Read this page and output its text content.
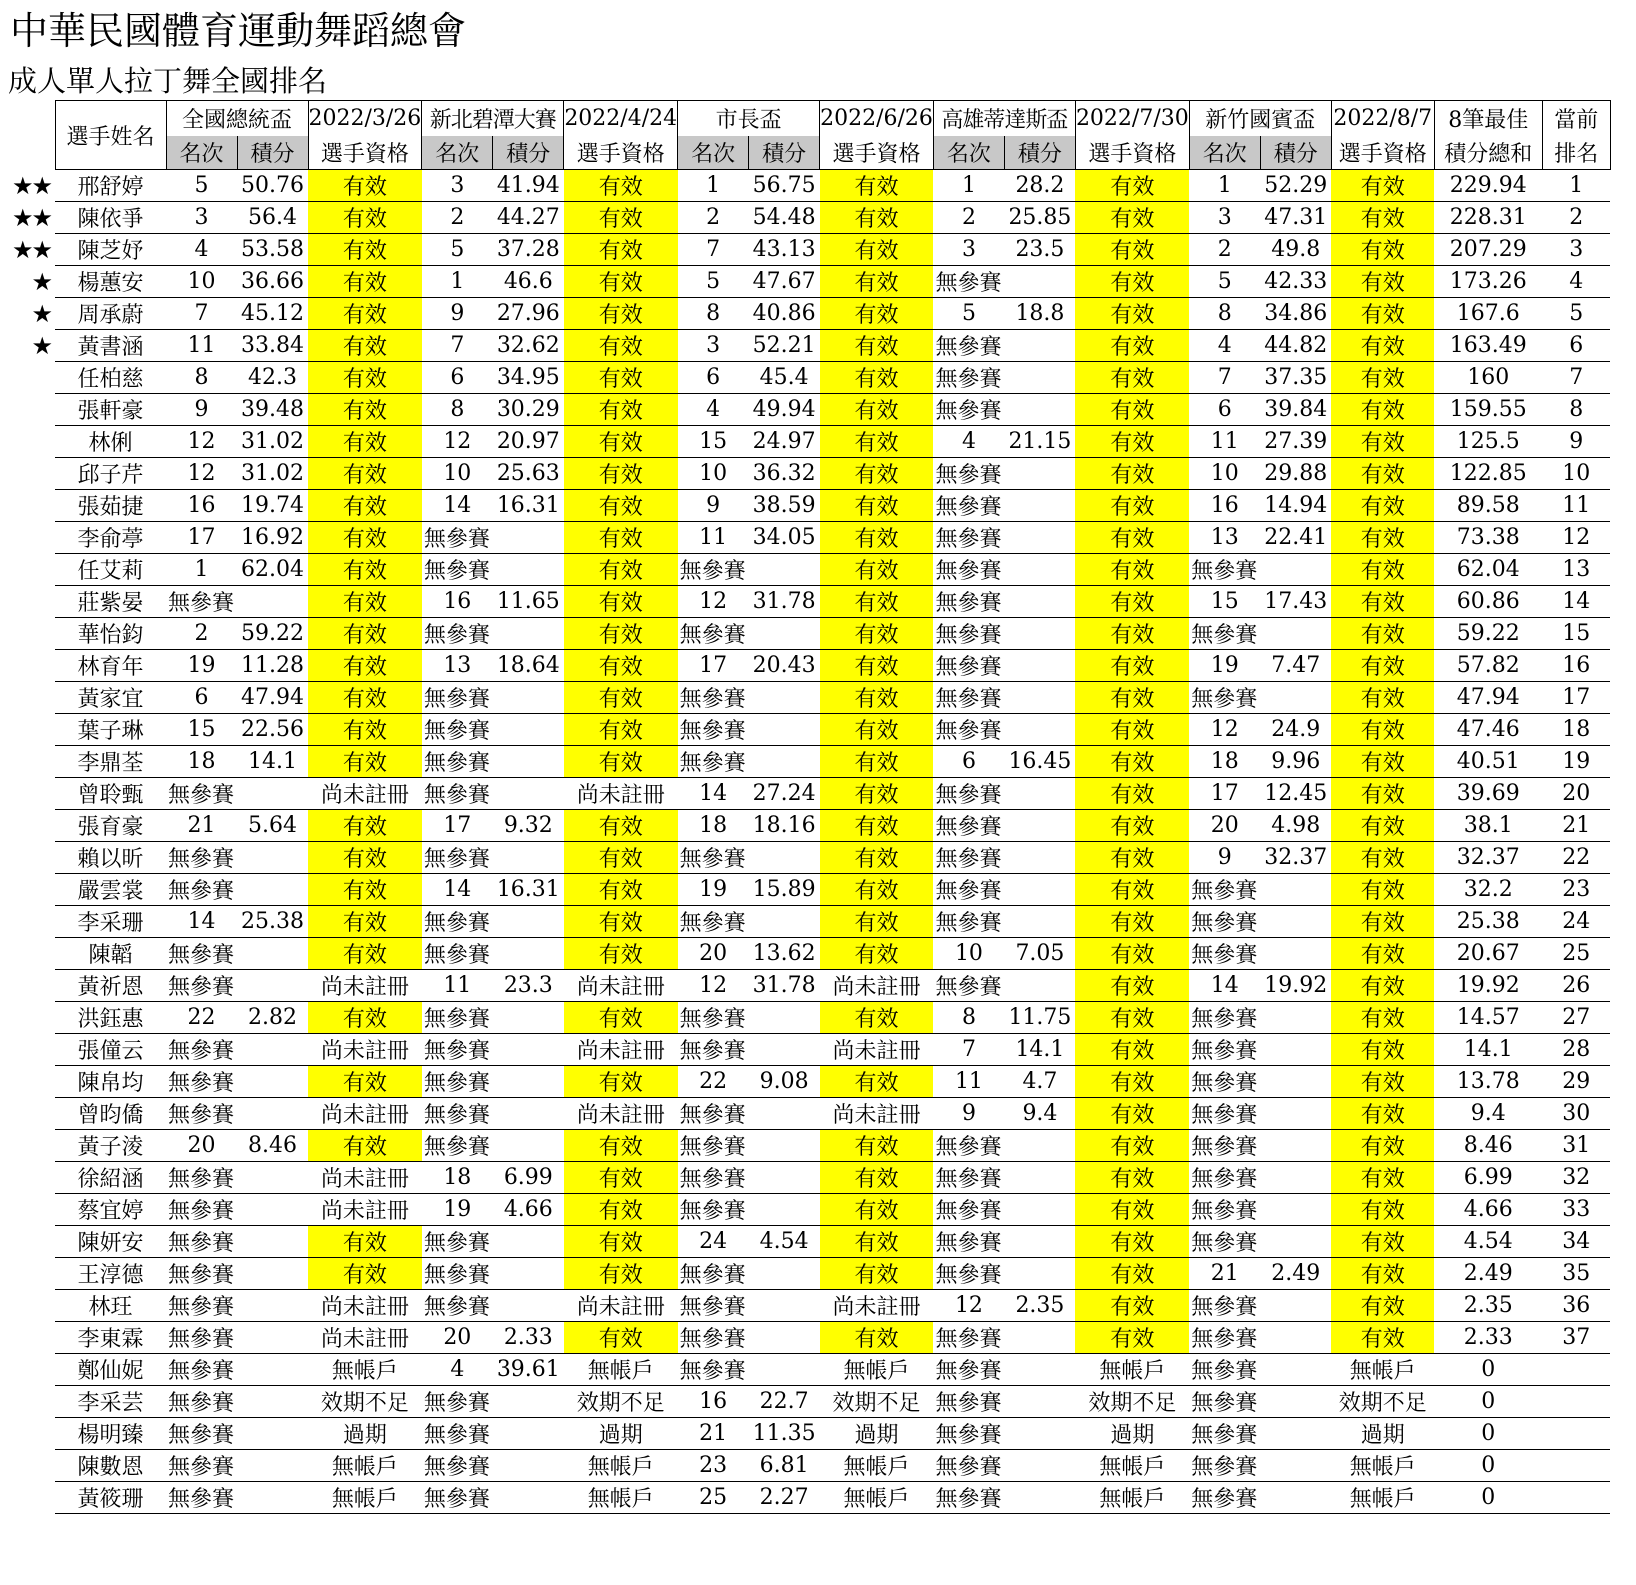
中華民國體育運動舞蹈總會
成人單人拉丁舞全國排名
	選手姓名	全國總統盃		2022/3/26	新北碧潭大賽		2022/4/24	市長盃		2022/6/26	高雄蒂達斯盃		2022/7/30	新竹國賓盃		2022/8/7	8筆最佳	當前
		名次	積分	選手資格	名次	積分	選手資格	名次	積分	選手資格	名次	積分	選手資格	名次	積分	選手資格	積分總和	排名
★★	邢舒婷	5	50.76	有效	3	41.94	有效	1	56.75	有效	1	28.2	有效	1	52.29	有效	229.94	1
★★	陳依爭	3	56.4	有效	2	44.27	有效	2	54.48	有效	2	25.85	有效	3	47.31	有效	228.31	2
★★	陳芝妤	4	53.58	有效	5	37.28	有效	7	43.13	有效	3	23.5	有效	2	49.8	有效	207.29	3
★	楊蕙安	10	36.66	有效	1	46.6	有效	5	47.67	有效	無參賽		有效	5	42.33	有效	173.26	4
★	周承蔚	7	45.12	有效	9	27.96	有效	8	40.86	有效	5	18.8	有效	8	34.86	有效	167.6	5
★	黃書涵	11	33.84	有效	7	32.62	有效	3	52.21	有效	無參賽		有效	4	44.82	有效	163.49	6
	任柏慈	8	42.3	有效	6	34.95	有效	6	45.4	有效	無參賽		有效	7	37.35	有效	160	7
	張軒豪	9	39.48	有效	8	30.29	有效	4	49.94	有效	無參賽		有效	6	39.84	有效	159.55	8
	林俐	12	31.02	有效	12	20.97	有效	15	24.97	有效	4	21.15	有效	11	27.39	有效	125.5	9
	邱子芹	12	31.02	有效	10	25.63	有效	10	36.32	有效	無參賽		有效	10	29.88	有效	122.85	10
	張茹捷	16	19.74	有效	14	16.31	有效	9	38.59	有效	無參賽		有效	16	14.94	有效	89.58	11
	李俞葶	17	16.92	有效	無參賽		有效	11	34.05	有效	無參賽		有效	13	22.41	有效	73.38	12
	任艾莉	1	62.04	有效	無參賽		有效	無參賽		有效	無參賽		有效	無參賽		有效	62.04	13
	莊紫晏	無參賽		有效	16	11.65	有效	12	31.78	有效	無參賽		有效	15	17.43	有效	60.86	14
	華怡鈞	2	59.22	有效	無參賽		有效	無參賽		有效	無參賽		有效	無參賽		有效	59.22	15
	林育年	19	11.28	有效	13	18.64	有效	17	20.43	有效	無參賽		有效	19	7.47	有效	57.82	16
	黃家宜	6	47.94	有效	無參賽		有效	無參賽		有效	無參賽		有效	無參賽		有效	47.94	17
	葉子琳	15	22.56	有效	無參賽		有效	無參賽		有效	無參賽		有效	12	24.9	有效	47.46	18
	李鼎荃	18	14.1	有效	無參賽		有效	無參賽		有效	6	16.45	有效	18	9.96	有效	40.51	19
	曾聆甄	無參賽		尚未註冊	無參賽		尚未註冊	14	27.24	有效	無參賽		有效	17	12.45	有效	39.69	20
	張育豪	21	5.64	有效	17	9.32	有效	18	18.16	有效	無參賽		有效	20	4.98	有效	38.1	21
	賴以昕	無參賽		有效	無參賽		有效	無參賽		有效	無參賽		有效	9	32.37	有效	32.37	22
	嚴雲裳	無參賽		有效	14	16.31	有效	19	15.89	有效	無參賽		有效	無參賽		有效	32.2	23
	李采珊	14	25.38	有效	無參賽		有效	無參賽		有效	無參賽		有效	無參賽		有效	25.38	24
	陳韜	無參賽		有效	無參賽		有效	20	13.62	有效	10	7.05	有效	無參賽		有效	20.67	25
	黃祈恩	無參賽		尚未註冊	11	23.3	尚未註冊	12	31.78	尚未註冊	無參賽		有效	14	19.92	有效	19.92	26
	洪鈺惠	22	2.82	有效	無參賽		有效	無參賽		有效	8	11.75	有效	無參賽		有效	14.57	27
	張僮云	無參賽		尚未註冊	無參賽		尚未註冊	無參賽		尚未註冊	7	14.1	有效	無參賽		有效	14.1	28
	陳帛均	無參賽		有效	無參賽		有效	22	9.08	有效	11	4.7	有效	無參賽		有效	13.78	29
	曾昀僑	無參賽		尚未註冊	無參賽		尚未註冊	無參賽		尚未註冊	9	9.4	有效	無參賽		有效	9.4	30
	黃子淩	20	8.46	有效	無參賽		有效	無參賽		有效	無參賽		有效	無參賽		有效	8.46	31
	徐紹涵	無參賽		尚未註冊	18	6.99	有效	無參賽		有效	無參賽		有效	無參賽		有效	6.99	32
	蔡宜婷	無參賽		尚未註冊	19	4.66	有效	無參賽		有效	無參賽		有效	無參賽		有效	4.66	33
	陳妍安	無參賽		有效	無參賽		有效	24	4.54	有效	無參賽		有效	無參賽		有效	4.54	34
	王淳德	無參賽		有效	無參賽		有效	無參賽		有效	無參賽		有效	21	2.49	有效	2.49	35
	林玨	無參賽		尚未註冊	無參賽		尚未註冊	無參賽		尚未註冊	12	2.35	有效	無參賽		有效	2.35	36
	李東霖	無參賽		尚未註冊	20	2.33	有效	無參賽		有效	無參賽		有效	無參賽		有效	2.33	37
	鄭仙妮	無參賽		無帳戶	4	39.61	無帳戶	無參賽		無帳戶	無參賽		無帳戶	無參賽		無帳戶	0	
	李采芸	無參賽		效期不足	無參賽		效期不足	16	22.7	效期不足	無參賽		效期不足	無參賽		效期不足	0	
	楊明臻	無參賽		過期	無參賽		過期	21	11.35	過期	無參賽		過期	無參賽		過期	0	
	陳數恩	無參賽		無帳戶	無參賽		無帳戶	23	6.81	無帳戶	無參賽		無帳戶	無參賽		無帳戶	0	
	黃筱珊	無參賽		無帳戶	無參賽		無帳戶	25	2.27	無帳戶	無參賽		無帳戶	無參賽		無帳戶	0	
